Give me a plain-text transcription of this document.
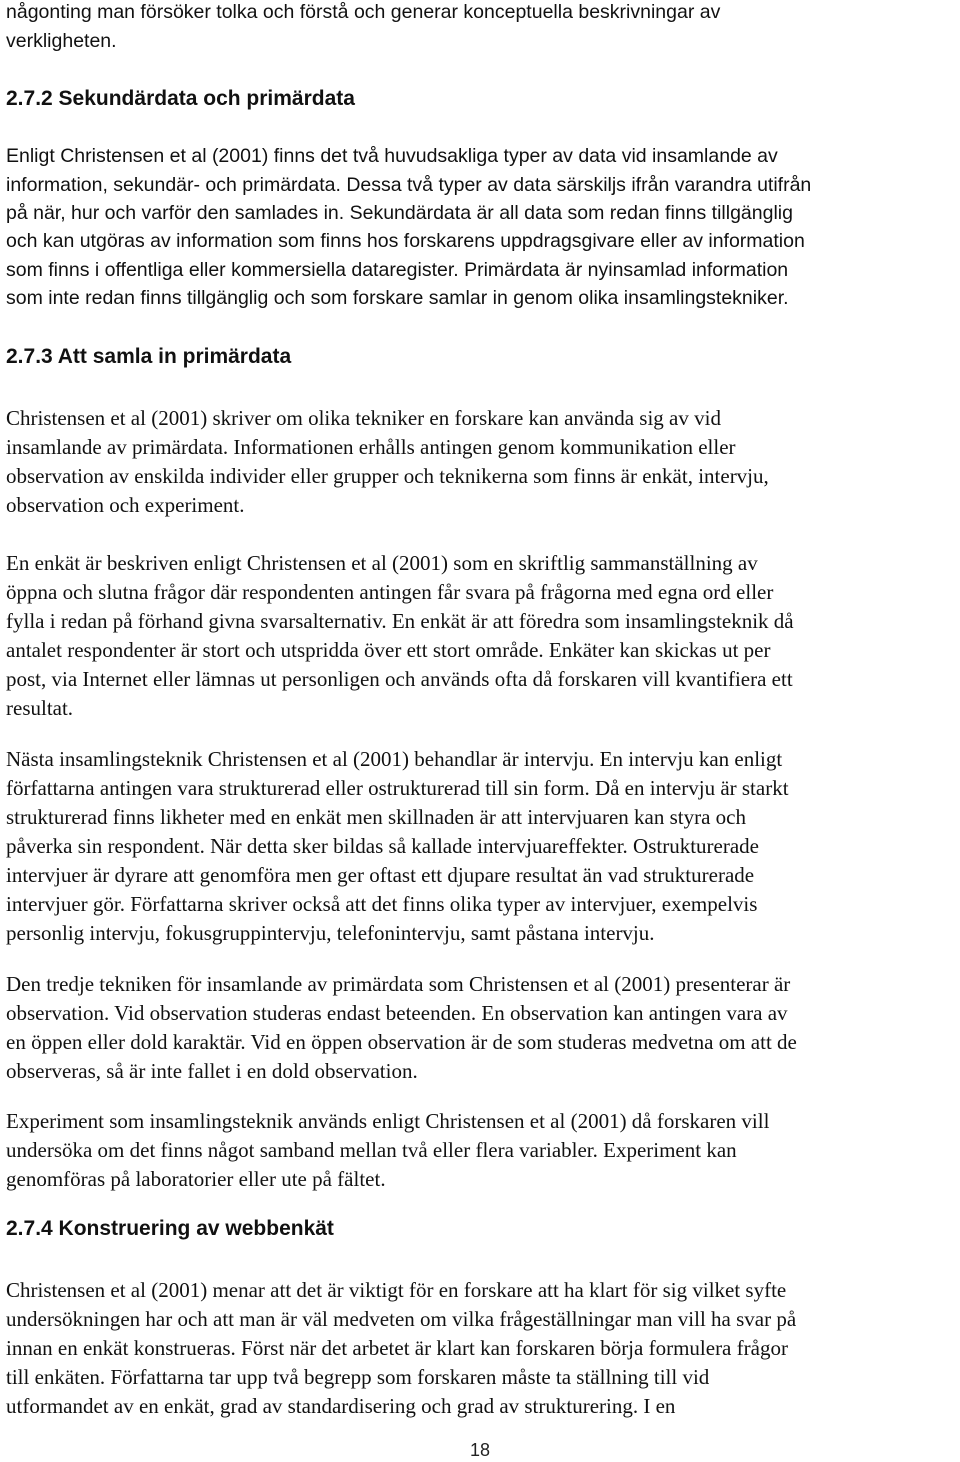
någonting man försöker tolka och förstå och generar konceptuella beskrivningar av
verkligheten.
2.7.2 Sekundärdata och primärdata
Enligt Christensen et al (2001) finns det två huvudsakliga typer av data vid insamlande av
information, sekundär- och primärdata. Dessa två typer av data särskiljs ifrån varandra utifrån
på när, hur och varför den samlades in. Sekundärdata är all data som redan finns tillgänglig
och kan utgöras av information som finns hos forskarens uppdragsgivare eller av information
som finns i offentliga eller kommersiella dataregister. Primärdata är nyinsamlad information
som inte redan finns tillgänglig och som forskare samlar in genom olika insamlingstekniker.
2.7.3 Att samla in primärdata
Christensen et al (2001) skriver om olika tekniker en forskare kan använda sig av vid
insamlande av primärdata. Informationen erhålls antingen genom kommunikation eller
observation av enskilda individer eller grupper och teknikerna som finns är enkät, intervju,
observation och experiment.
En enkät är beskriven enligt Christensen et al (2001) som en skriftlig sammanställning av
öppna och slutna frågor där respondenten antingen får svara på frågorna med egna ord eller
fylla i redan på förhand givna svarsalternativ. En enkät är att föredra som insamlingsteknik då
antalet respondenter är stort och utspridda över ett stort område. Enkäter kan skickas ut per
post, via Internet eller lämnas ut personligen och används ofta då forskaren vill kvantifiera ett
resultat.
Nästa insamlingsteknik Christensen et al (2001) behandlar är intervju. En intervju kan enligt
författarna antingen vara strukturerad eller ostrukturerad till sin form. Då en intervju är starkt
strukturerad finns likheter med en enkät men skillnaden är att intervjuaren kan styra och
påverka sin respondent. När detta sker bildas så kallade intervjuareffekter. Ostrukturerade
intervjuer är dyrare att genomföra men ger oftast ett djupare resultat än vad strukturerade
intervjuer gör. Författarna skriver också att det finns olika typer av intervjuer, exempelvis
personlig intervju, fokusgruppintervju, telefonintervju, samt påstana intervju.
Den tredje tekniken för insamlande av primärdata som Christensen et al (2001) presenterar är
observation. Vid observation studeras endast beteenden. En observation kan antingen vara av
en öppen eller dold karaktär. Vid en öppen observation är de som studeras medvetna om att de
observeras, så är inte fallet i en dold observation.
Experiment som insamlingsteknik används enligt Christensen et al (2001) då forskaren vill
undersöka om det finns något samband mellan två eller flera variabler. Experiment kan
genomföras på laboratorier eller ute på fältet.
2.7.4 Konstruering av webbenkät
Christensen et al (2001) menar att det är viktigt för en forskare att ha klart för sig vilket syfte
undersökningen har och att man är väl medveten om vilka frågeställningar man vill ha svar på
innan en enkät konstrueras. Först när det arbetet är klart kan forskaren börja formulera frågor
till enkäten. Författarna tar upp två begrepp som forskaren måste ta ställning till vid
utformandet av en enkät, grad av standardisering och grad av strukturering. I en
18
